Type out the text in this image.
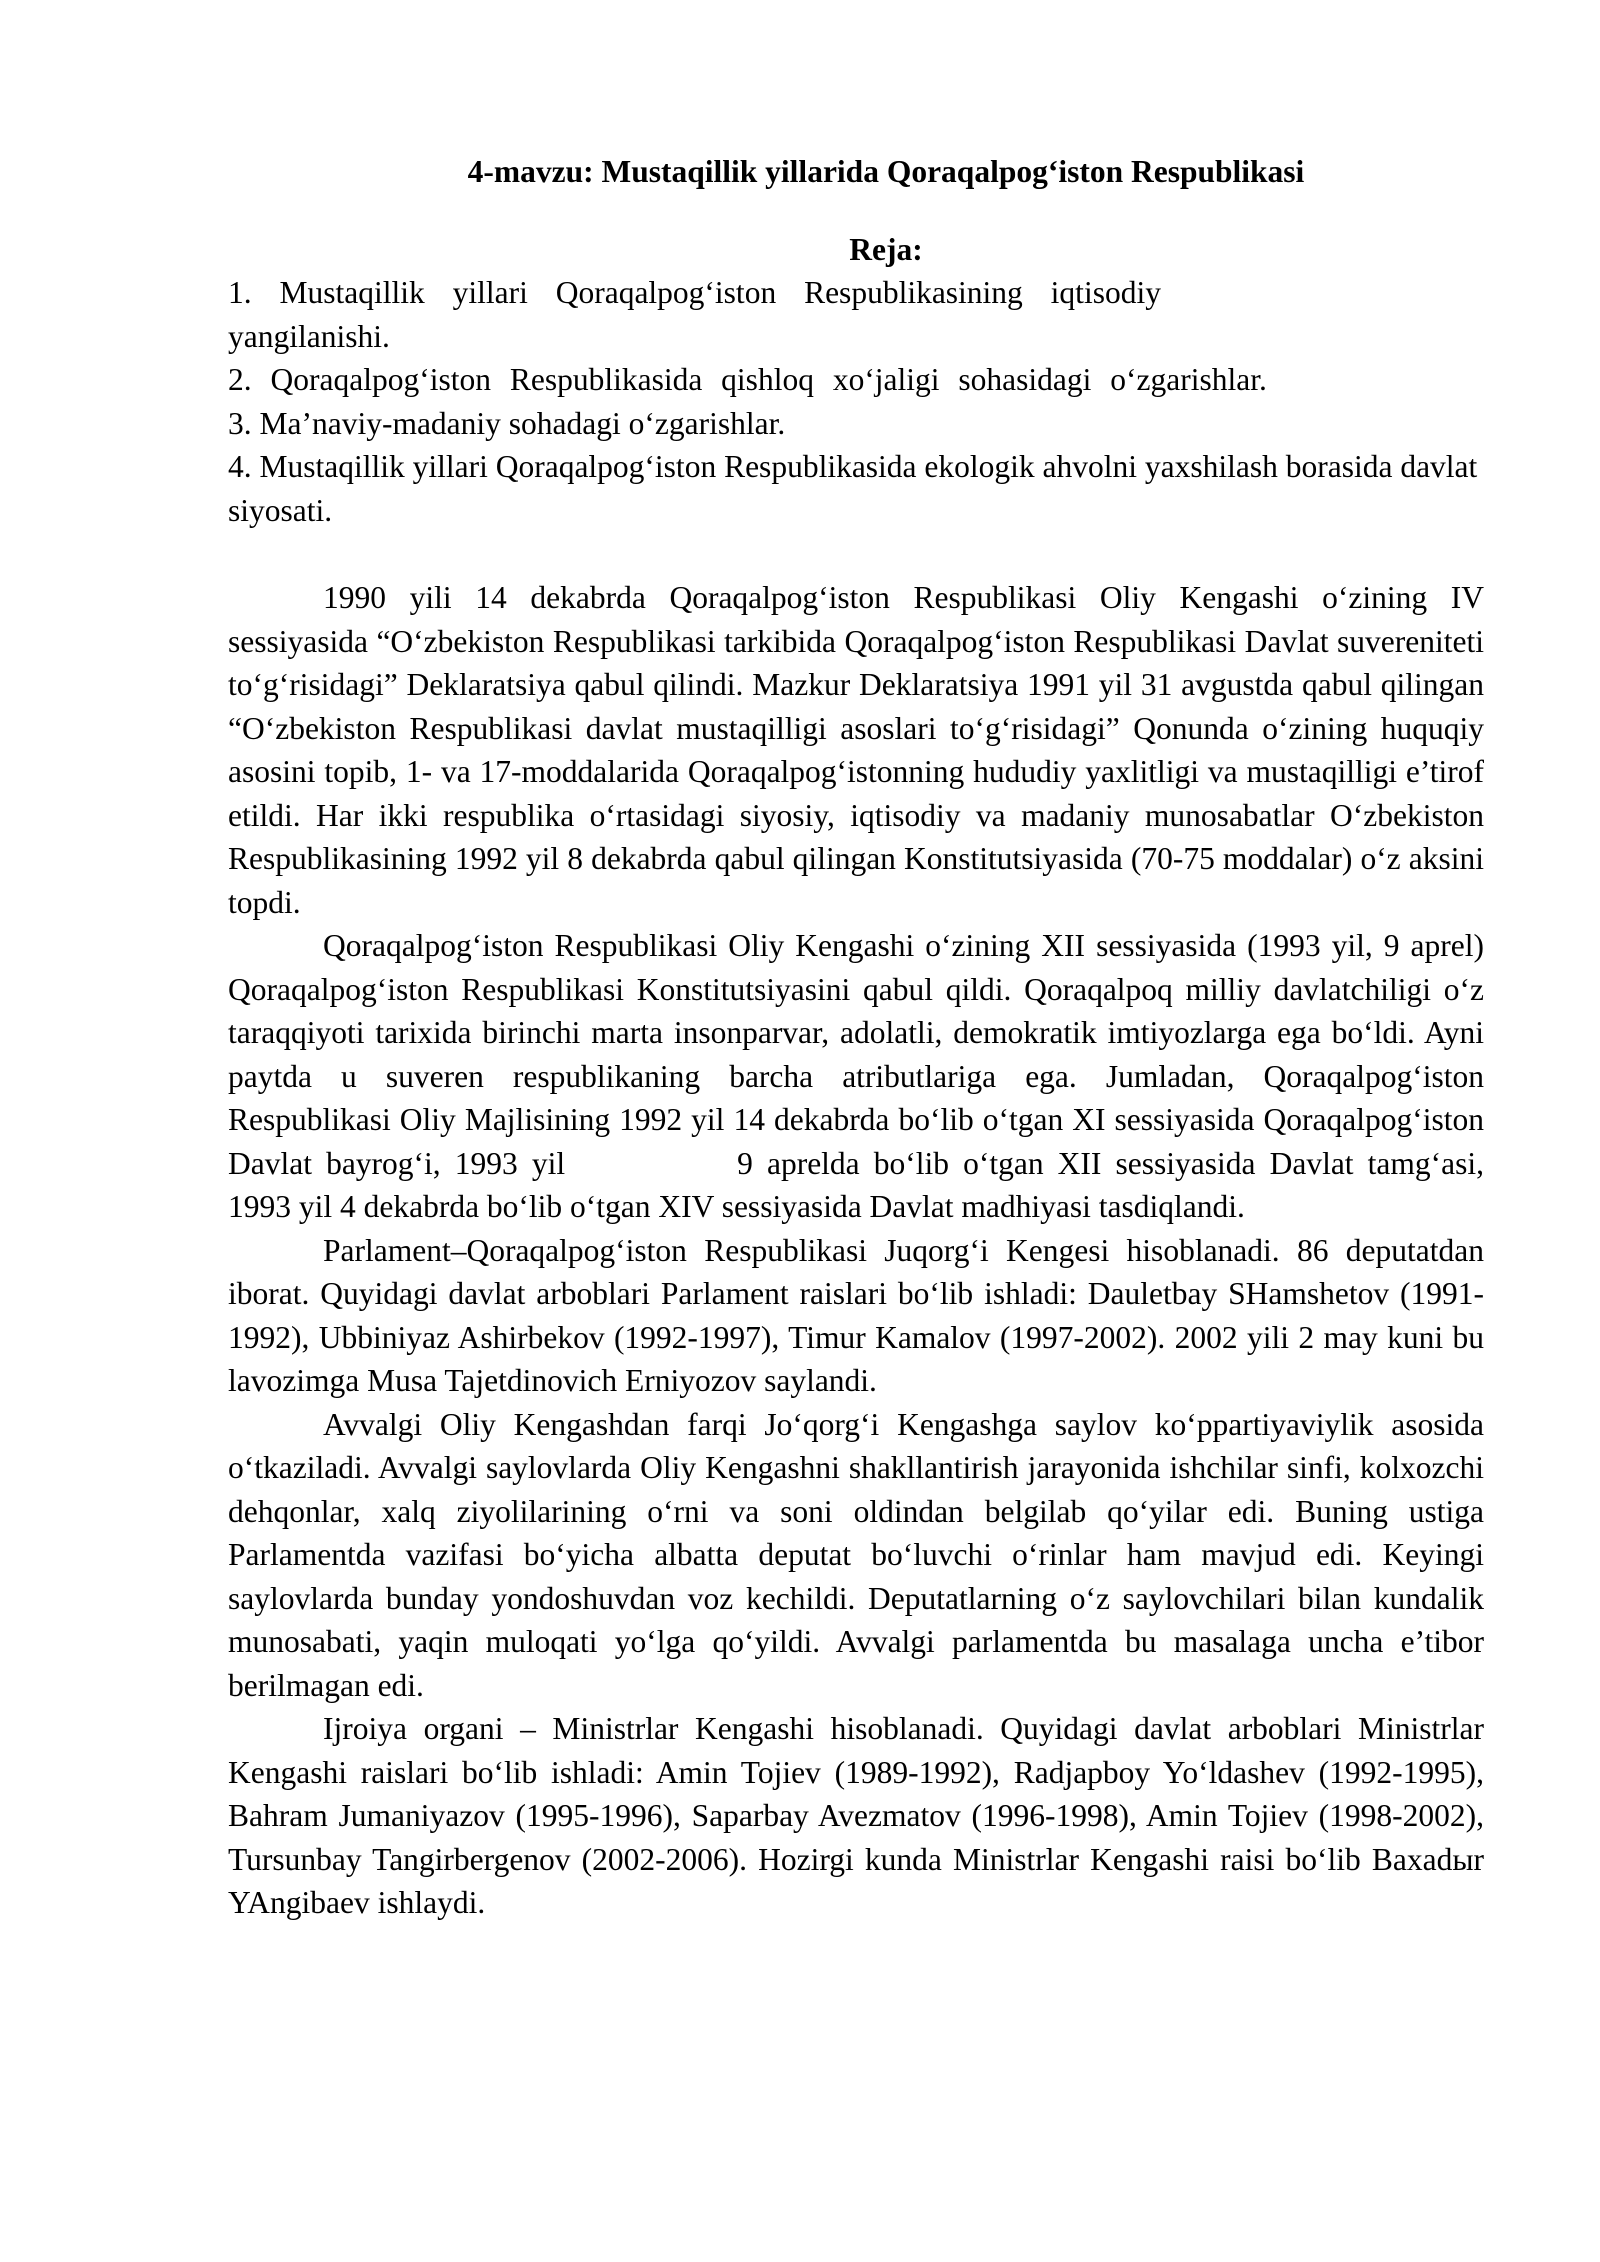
4-mavzu: Mustaqillik yillarida Qoraqalpog‘iston Respublikasi

Reja:

1. Mustaqillik yillari Qoraqalpog‘iston Respublikasining iqtisodiy yangilanishi.
2. Qoraqalpog‘iston Respublikasida qishloq xo‘jaligi sohasidagi o‘zgarishlar.
3. Ma’naviy-madaniy sohadagi o‘zgarishlar.
4. Mustaqillik yillari Qoraqalpog‘iston Respublikasida ekologik ahvolni yaxshilash borasida davlat siyosati.

1990 yili 14 dekabrda Qoraqalpog‘iston Respublikasi Oliy Kengashi o‘zining IV sessiyasida “O‘zbekiston Respublikasi tarkibida Qoraqalpog‘iston Respublikasi Davlat suvereniteti to‘g‘risidagi” Deklaratsiya qabul qilindi. Mazkur Deklaratsiya 1991 yil 31 avgustda qabul qilingan “O‘zbekiston Respublikasi davlat mustaqilligi asoslari to‘g‘risidagi” Qonunda o‘zining huquqiy asosini topib, 1- va 17-moddalarida Qoraqalpog‘istonning hududiy yaxlitligi va mustaqilligi e’tirof etildi. Har ikki respublika o‘rtasidagi siyosiy, iqtisodiy va madaniy munosabatlar O‘zbekiston Respublikasining 1992 yil 8 dekabrda qabul qilingan Konstitutsiyasida (70-75 moddalar) o‘z aksini topdi.

Qoraqalpog‘iston Respublikasi Oliy Kengashi o‘zining XII sessiyasida (1993 yil, 9 aprel) Qoraqalpog‘iston Respublikasi Konstitutsiyasini qabul qildi. Qoraqalpoq milliy davlatchiligi o‘z taraqqiyoti tarixida birinchi marta insonparvar, adolatli, demokratik imtiyozlarga ega bo‘ldi. Ayni paytda u suveren respublikaning barcha atributlariga ega. Jumladan, Qoraqalpog‘iston Respublikasi Oliy Majlisining 1992 yil 14 dekabrda bo‘lib o‘tgan XI sessiyasida Qoraqalpog‘iston Davlat bayrog‘i, 1993 yil	9 aprelda bo‘lib o‘tgan XII sessiyasida Davlat tamg‘asi, 1993 yil 4 dekabrda bo‘lib o‘tgan XIV sessiyasida Davlat madhiyasi tasdiqlandi.

Parlament–Qoraqalpog‘iston Respublikasi Juqorg‘i Kengesi hisoblanadi. 86 deputatdan iborat. Quyidagi davlat arboblari Parlament raislari bo‘lib ishladi: Dauletbay SHamshetov (1991-1992), Ubbiniyaz Ashirbekov (1992-1997), Timur Kamalov (1997-2002). 2002 yili 2 may kuni bu lavozimga Musa Tajetdinovich Erniyozov saylandi.

Avvalgi Oliy Kengashdan farqi Jo‘qorg‘i Kengashga saylov ko‘ppartiyaviylik asosida o‘tkaziladi. Avvalgi saylovlarda Oliy Kengashni shakllantirish jarayonida ishchilar sinfi, kolxozchi dehqonlar, xalq ziyolilarining o‘rni va soni oldindan belgilab qo‘yilar edi. Buning ustiga Parlamentda vazifasi bo‘yicha albatta deputat bo‘luvchi o‘rinlar ham mavjud edi. Keyingi saylovlarda bunday yondoshuvdan voz kechildi. Deputatlarning o‘z saylovchilari bilan kundalik munosabati, yaqin muloqati yo‘lga qo‘yildi. Avvalgi parlamentda bu masalaga uncha e’tibor berilmagan edi.

Ijroiya organi – Ministrlar Kengashi hisoblanadi. Quyidagi davlat arboblari Ministrlar Kengashi raislari bo‘lib ishladi: Amin Tojiev (1989-1992), Radjapboy Yo‘ldashev (1992-1995), Bahram Jumaniyazov (1995-1996), Saparbay Avezmatov (1996-1998), Amin Tojiev (1998-2002), Tursunbay Tangirbergenov (2002-2006). Hozirgi kunda Ministrlar Kengashi raisi bo‘lib Baxadыr YAngibaev ishlaydi.
